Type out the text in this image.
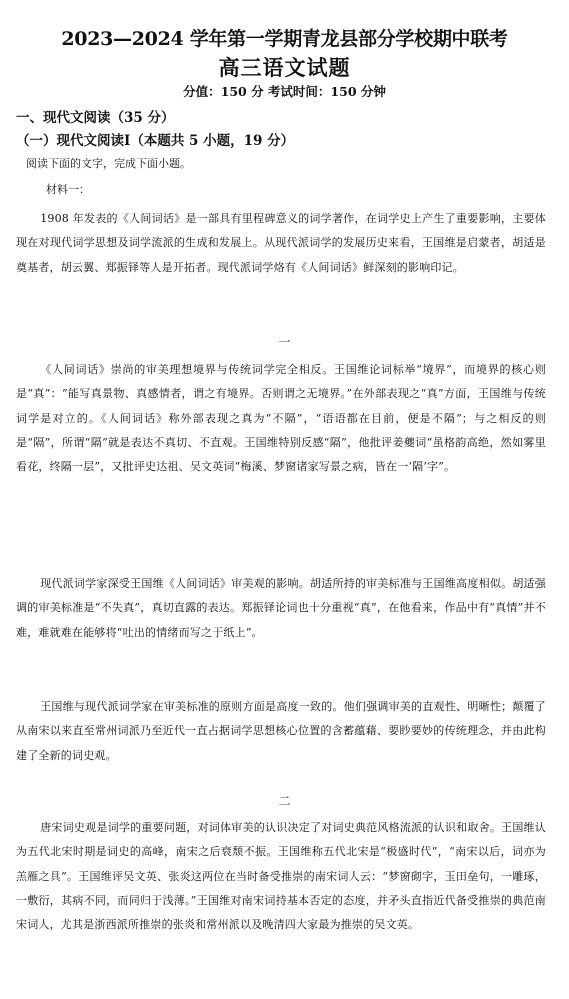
2023—2024 学年第一学期青龙县部分学校期中联考
高三语文试题
分值：150 分 考试时间：150 分钟
一、现代文阅读（35 分）
（一）现代文阅读Ⅰ（本题共 5 小题，19 分）
阅读下面的文字，完成下面小题。
材料一：
1908 年发表的《人间词话》是一部具有里程碑意义的词学著作，在词学史上产生了重要影响，主要体现在对现代词学思想及词学流派的生成和发展上。从现代派词学的发展历史来看，王国维是启蒙者，胡适是奠基者，胡云翼、郑振铎等人是开拓者。现代派词学烙有《人间词话》鲜深刻的影响印记。
一
《人间词话》崇尚的审美理想境界与传统词学完全相反。王国维论词标举“境界”，而境界的核心则是“真”：“能写真景物、真感情者，谓之有境界。否则谓之无境界。”在外部表现之“真”方面，王国维与传统词学是对立的。《人间词话》称外部表现之真为“不隔”，“语语都在目前，便是不隔”；与之相反的则是“隔”，所谓“隔”就是表达不真切、不直观。王国维特别反感“隔”，他批评姜夔词“虽格韵高绝，然如雾里看花，终隔一层”，又批评史达祖、吴文英词“梅溪、梦窗诸家写景之病，皆在一‘隔’字”。
现代派词学家深受王国维《人间词话》审美观的影响。胡适所持的审美标准与王国维高度相似。胡适强调的审美标准是“不失真”，真切直露的表达。郑振铎论词也十分重视“真”，在他看来，作品中有“真情”并不难，难就难在能够将“吐出的情绪而写之于纸上”。
王国维与现代派词学家在审美标准的原则方面是高度一致的。他们强调审美的直观性、明晰性；颠覆了从南宋以来直至常州词派乃至近代一直占据词学思想核心位置的含蓄蕴藉、要眇要妙的传统理念，并由此构建了全新的词史观。
二
唐宋词史观是词学的重要问题，对词体审美的认识决定了对词史典范风格流派的认识和取舍。王国维认为五代北宋时期是词史的高峰，南宋之后衰颓不振。王国维称五代北宋是“极盛时代”，“南宋以后，词亦为羔雁之具”。王国维评吴文英、张炎这两位在当时备受推崇的南宋词人云：“梦窗砌字，玉田垒句，一雕琢，一敷衍，其病不同，而同归于浅薄。”王国维对南宋词持基本否定的态度，并矛头直指近代备受推崇的典范南宋词人，尤其是浙西派所推崇的张炎和常州派以及晚清四大家最为推崇的吴文英。
